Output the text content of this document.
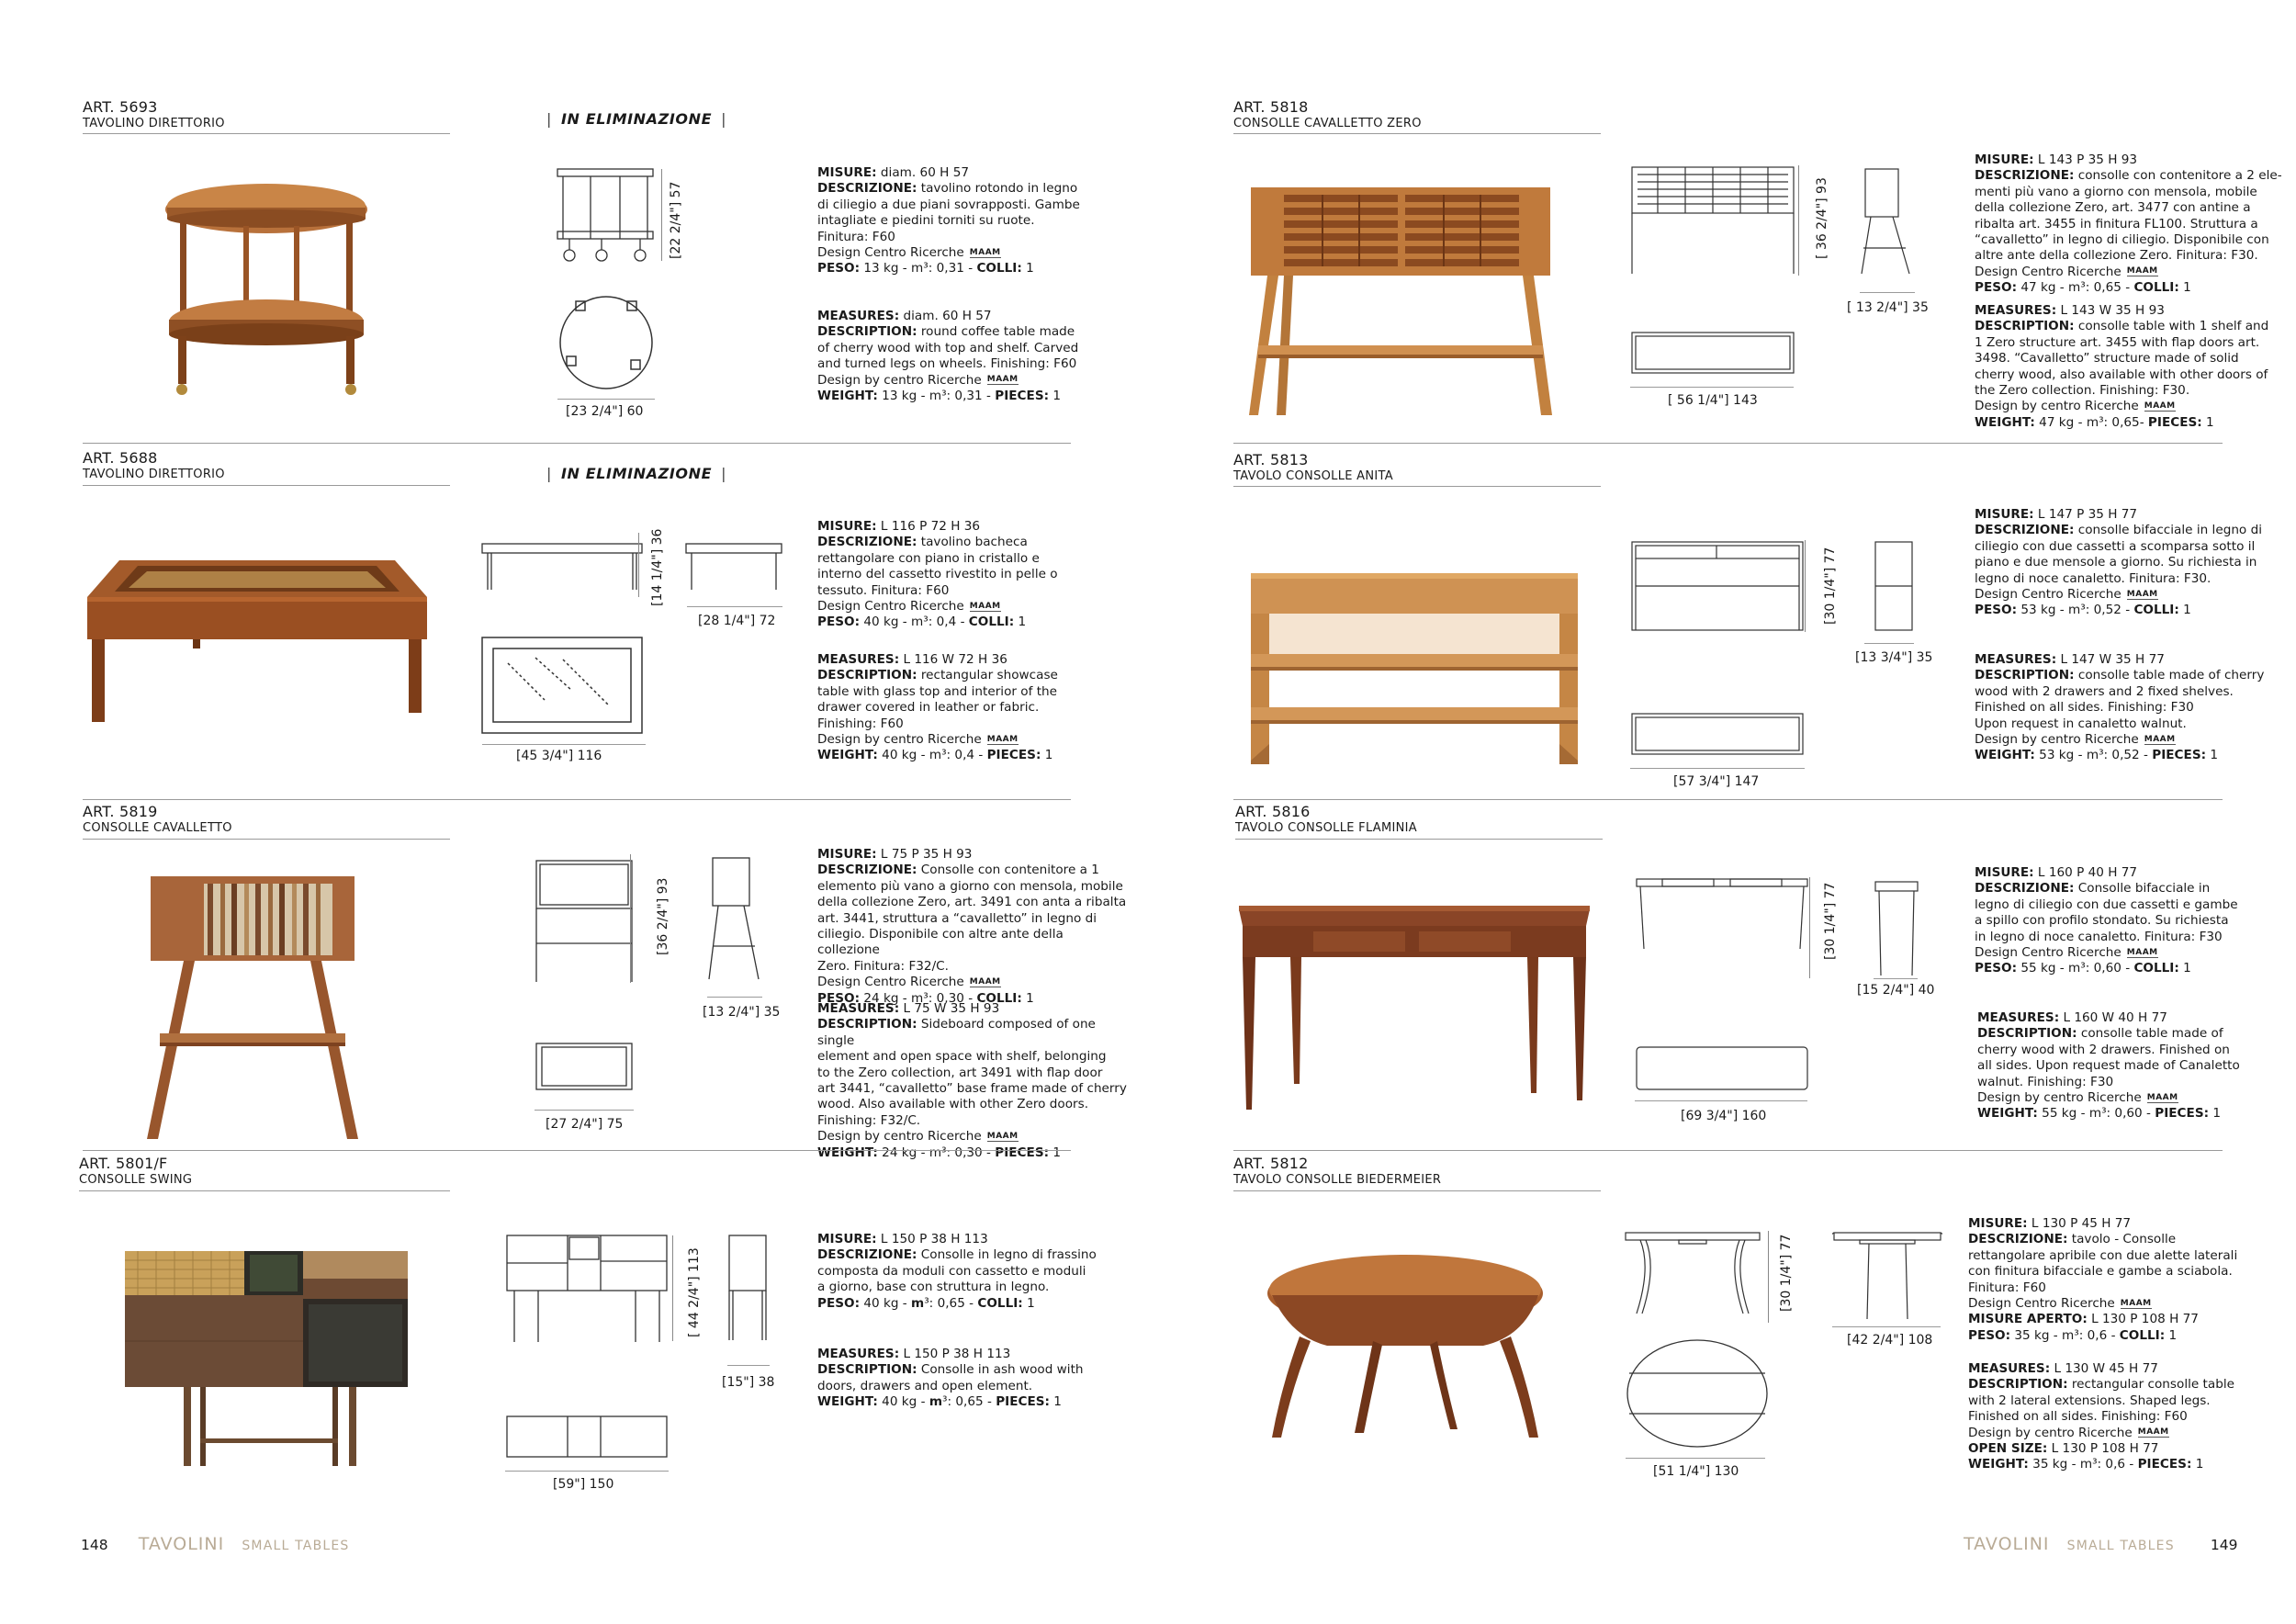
ART. 5693
TAVOLINO DIRETTORIO	| IN ELIMINAZIONE |
[22 2/4"] 57
[23 2/4"] 60

MISURE: diam. 60 H 57

DESCRIZIONE: tavolino rotondo in legno

di ciliegio a due piani sovrapposti. Gambe

intagliate e piedini torniti su ruote.

Finitura: F60

Design Centro Ricerche MAAM

PESO: 13 kg - m³: 0,31 - COLLI: 1

MEASURES: diam. 60 H 57

DESCRIPTION: round coffee table made

of cherry wood with top and shelf. Carved

and turned legs on wheels. Finishing: F60

Design by centro Ricerche MAAM

WEIGHT: 13 kg - m³: 0,31 - PIECES: 1

ART. 5688
TAVOLINO DIRETTORIO	| IN ELIMINAZIONE |
[14 1/4"] 36
[28 1/4"] 72
[45 3/4"] 116

MISURE: L 116 P 72 H 36

DESCRIZIONE: tavolino bacheca

rettangolare con piano in cristallo e

interno del cassetto rivestito in pelle o

tessuto. Finitura: F60

Design Centro Ricerche MAAM

PESO: 40 kg - m³: 0,4 - COLLI: 1

MEASURES: L 116 W 72 H 36

DESCRIPTION: rectangular showcase

table with glass top and interior of the

drawer covered in leather or fabric.

Finishing: F60

Design by centro Ricerche MAAM

WEIGHT: 40 kg - m³: 0,4 - PIECES: 1

ART. 5819
CONSOLLE CAVALLETTO
[36 2/4"] 93
[13 2/4"] 35
[27 2/4"] 75

MISURE: L 75 P 35 H 93

DESCRIZIONE: Consolle con contenitore a 1

elemento più vano a giorno con mensola, mobile

della collezione Zero, art. 3491 con anta a ribalta

art. 3441, struttura a “cavalletto” in legno di

ciliegio. Disponibile con altre ante della collezione

Zero. Finitura: F32/C.

Design Centro Ricerche MAAM

PESO: 24 kg - m³: 0,30 - COLLI: 1

MEASURES: L 75 W 35 H 93

DESCRIPTION: Sideboard composed of one single

element and open space with shelf, belonging

to the Zero collection, art 3491 with flap door

art 3441, “cavalletto” base frame made of cherry

wood. Also available with other Zero doors.

Finishing: F32/C.

Design by centro Ricerche MAAM

WEIGHT: 24 kg - m³: 0,30 - PIECES: 1

ART. 5801/F
CONSOLLE SWING
[ 44 2/4"] 113
[15"] 38
[59"] 150

MISURE: L 150 P 38 H 113

DESCRIZIONE: Consolle in legno di frassino

composta da moduli con cassetto e moduli

a giorno, base con struttura in legno.

PESO: 40 kg - m³: 0,65 - COLLI: 1

MEASURES: L 150 P 38 H 113

DESCRIPTION: Consolle in ash wood with

doors, drawers and open element.

WEIGHT: 40 kg - m³: 0,65 - PIECES: 1

148 TAVOLINI SMALL TABLES
ART. 5818
CONSOLLE CAVALLETTO ZERO
[ 36 2/4"] 93
[ 13 2/4"] 35
[ 56 1/4"] 143

MISURE: L 143 P 35 H 93

DESCRIZIONE: consolle con contenitore a 2 ele-

menti più vano a giorno con mensola, mobile

della collezione Zero, art. 3477 con antine a

ribalta art. 3455 in finitura FL100. Struttura a

“cavalletto” in legno di ciliegio. Disponibile con

altre ante della collezione Zero. Finitura: F30.

Design Centro Ricerche MAAM

PESO: 47 kg - m³: 0,65 - COLLI: 1

MEASURES: L 143 W 35 H 93

DESCRIPTION: consolle table with 1 shelf and

1 Zero structure art. 3455 with flap doors art.

3498. “Cavalletto” structure made of solid

cherry wood, also available with other doors of

the Zero collection. Finishing: F30.

Design by centro Ricerche MAAM

WEIGHT: 47 kg - m³: 0,65- PIECES: 1

ART. 5813
TAVOLO CONSOLLE ANITA
[30 1/4"] 77
[13 3/4"] 35
[57 3/4"] 147

MISURE: L 147 P 35 H 77

DESCRIZIONE: consolle bifacciale in legno di

ciliegio con due cassetti a scomparsa sotto il

piano e due mensole a giorno. Su richiesta in

legno di noce canaletto. Finitura: F30.

Design Centro Ricerche MAAM

PESO: 53 kg - m³: 0,52 - COLLI: 1

MEASURES: L 147 W 35 H 77

DESCRIPTION: consolle table made of cherry

wood with 2 drawers and 2 fixed shelves.

Finished on all sides. Finishing: F30

Upon request in canaletto walnut.

Design by centro Ricerche MAAM

WEIGHT: 53 kg - m³: 0,52 - PIECES: 1

ART. 5816
TAVOLO CONSOLLE FLAMINIA
[30 1/4"] 77
[15 2/4"] 40
[69 3/4"] 160

MISURE: L 160 P 40 H 77

DESCRIZIONE: Consolle bifacciale in

legno di ciliegio con due cassetti e gambe

a spillo con profilo stondato. Su richiesta

in legno di noce canaletto. Finitura: F30

Design Centro Ricerche MAAM

PESO: 55 kg - m³: 0,60 - COLLI: 1

MEASURES: L 160 W 40 H 77

DESCRIPTION: consolle table made of

cherry wood with 2 drawers. Finished on

all sides. Upon request made of Canaletto

walnut. Finishing: F30

Design by centro Ricerche MAAM

WEIGHT: 55 kg - m³: 0,60 - PIECES: 1

ART. 5812
TAVOLO CONSOLLE BIEDERMEIER
[30 1/4"] 77
[42 2/4"] 108
[51 1/4"] 130

MISURE: L 130 P 45 H 77

DESCRIZIONE: tavolo - Consolle

rettangolare apribile con due alette laterali

con finitura bifacciale e gambe a sciabola.

Finitura: F60

Design Centro Ricerche MAAM

MISURE APERTO: L 130 P 108 H 77

PESO: 35 kg - m³: 0,6 - COLLI: 1

MEASURES: L 130 W 45 H 77

DESCRIPTION: rectangular consolle table

with 2 lateral extensions. Shaped legs.

Finished on all sides. Finishing: F60

Design by centro Ricerche MAAM

OPEN SIZE: L 130 P 108 H 77

WEIGHT: 35 kg - m³: 0,6 - PIECES: 1

TAVOLINI SMALL TABLES	149
